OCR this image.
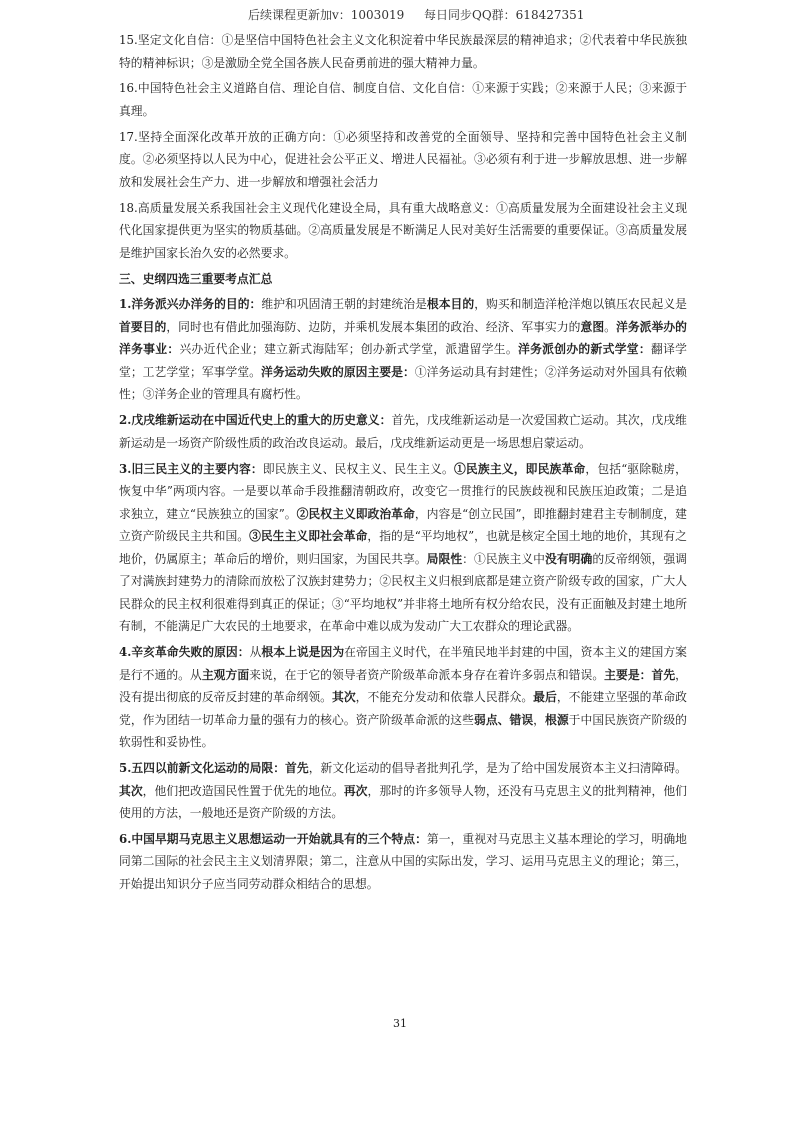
后续课程更新加v：1003019 每日同步QQ群：618427351

15.坚定文化自信：①是坚信中国特色社会主义文化积淀着中华民族最深层的精神追求；②代表着中华民族独特的精神标识；③是激励全党全国各族人民奋勇前进的强大精神力量。

16.中国特色社会主义道路自信、理论自信、制度自信、文化自信：①来源于实践；②来源于人民；③来源于真理。

17.坚持全面深化改革开放的正确方向：①必须坚持和改善党的全面领导、坚持和完善中国特色社会主义制度。②必须坚持以人民为中心，促进社会公平正义、增进人民福祉。③必须有利于进一步解放思想、进一步解放和发展社会生产力、进一步解放和增强社会活力

18.高质量发展关系我国社会主义现代化建设全局，具有重大战略意义：①高质量发展为全面建设社会主义现代化国家提供更为坚实的物质基础。②高质量发展是不断满足人民对美好生活需要的重要保证。③高质量发展是维护国家长治久安的必然要求。

三、史纲四选三重要考点汇总

1.洋务派兴办洋务的目的：维护和巩固清王朝的封建统治是根本目的，购买和制造洋枪洋炮以镇压农民起义是首要目的，同时也有借此加强海防、边防，并乘机发展本集团的政治、经济、军事实力的意图。洋务派举办的洋务事业：兴办近代企业；建立新式海陆军；创办新式学堂，派遣留学生。洋务派创办的新式学堂：翻译学堂；工艺学堂；军事学堂。洋务运动失败的原因主要是：①洋务运动具有封建性；②洋务运动对外国具有依赖性；③洋务企业的管理具有腐朽性。

2.戊戌维新运动在中国近代史上的重大的历史意义：首先，戊戌维新运动是一次爱国救亡运动。其次，戊戌维新运动是一场资产阶级性质的政治改良运动。最后，戊戌维新运动更是一场思想启蒙运动。

3.旧三民主义的主要内容：即民族主义、民权主义、民生主义。①民族主义，即民族革命，包括“驱除鞑虏，恢复中华”两项内容。一是要以革命手段推翻清朝政府，改变它一贯推行的民族歧视和民族压迫政策；二是追求独立，建立“民族独立的国家”。②民权主义即政治革命，内容是“创立民国”，即推翻封建君主专制制度，建立资产阶级民主共和国。③民生主义即社会革命，指的是“平均地权”，也就是核定全国土地的地价，其现有之地价，仍属原主；革命后的增价，则归国家，为国民共享。局限性：①民族主义中没有明确的反帝纲领，强调了对满族封建势力的清除而放松了汉族封建势力；②民权主义归根到底都是建立资产阶级专政的国家，广大人民群众的民主权利很难得到真正的保证；③“平均地权”并非将土地所有权分给农民，没有正面触及封建土地所有制，不能满足广大农民的土地要求，在革命中难以成为发动广大工农群众的理论武器。

4.辛亥革命失败的原因：从根本上说是因为在帝国主义时代，在半殖民地半封建的中国，资本主义的建国方案是行不通的。从主观方面来说，在于它的领导者资产阶级革命派本身存在着许多弱点和错误。主要是：首先，没有提出彻底的反帝反封建的革命纲领。其次，不能充分发动和依靠人民群众。最后，不能建立坚强的革命政党，作为团结一切革命力量的强有力的核心。资产阶级革命派的这些弱点、错误，根源于中国民族资产阶级的软弱性和妥协性。

5.五四以前新文化运动的局限：首先，新文化运动的倡导者批判孔学，是为了给中国发展资本主义扫清障碍。其次，他们把改造国民性置于优先的地位。再次，那时的许多领导人物，还没有马克思主义的批判精神，他们使用的方法，一般地还是资产阶级的方法。

6.中国早期马克思主义思想运动一开始就具有的三个特点：第一，重视对马克思主义基本理论的学习，明确地同第二国际的社会民主主义划清界限；第二，注意从中国的实际出发，学习、运用马克思主义的理论；第三，开始提出知识分子应当同劳动群众相结合的思想。

31
